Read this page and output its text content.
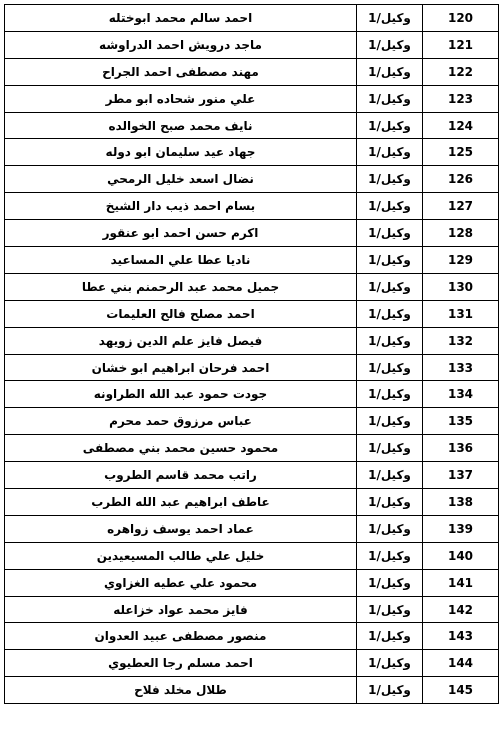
احمد سالم محمد ابوختله	وكيل/1	120
ماجد درويش احمد الدراوشه	وكيل/1	121
مهند مصطفى احمد الجراح	وكيل/1	122
علي منور شحاده ابو مطر	وكيل/1	123
نايف محمد صبح الخوالده	وكيل/1	124
جهاد عيد سليمان ابو دوله	وكيل/1	125
نضال اسعد خليل الرمحي	وكيل/1	126
بسام احمد ذيب دار الشيخ	وكيل/1	127
اكرم حسن احمد ابو عنقور	وكيل/1	128
ناديا عطا علي المساعيد	وكيل/1	129
جميل محمد عبد الرحمنم بني عطا	وكيل/1	130
احمد مصلح فالح العليمات	وكيل/1	131
فيصل فايز علم الدين زويهد	وكيل/1	132
احمد فرحان ابراهيم ابو خشان	وكيل/1	133
جودت حمود عبد الله الطراونه	وكيل/1	134
عباس مرزوق حمد محرم	وكيل/1	135
محمود حسين محمد بني مصطفى	وكيل/1	136
راتب محمد قاسم الطروب	وكيل/1	137
عاطف ابراهيم عبد الله الطرب	وكيل/1	138
عماد احمد يوسف زواهره	وكيل/1	139
خليل علي طالب المسيعيدين	وكيل/1	140
محمود علي عطيه الغزاوي	وكيل/1	141
فايز محمد عواد خزاعله	وكيل/1	142
منصور مصطفى عبيد العدوان	وكيل/1	143
احمد مسلم رجا العطيوي	وكيل/1	144
طلال مخلد فلاح	وكيل/1	145
